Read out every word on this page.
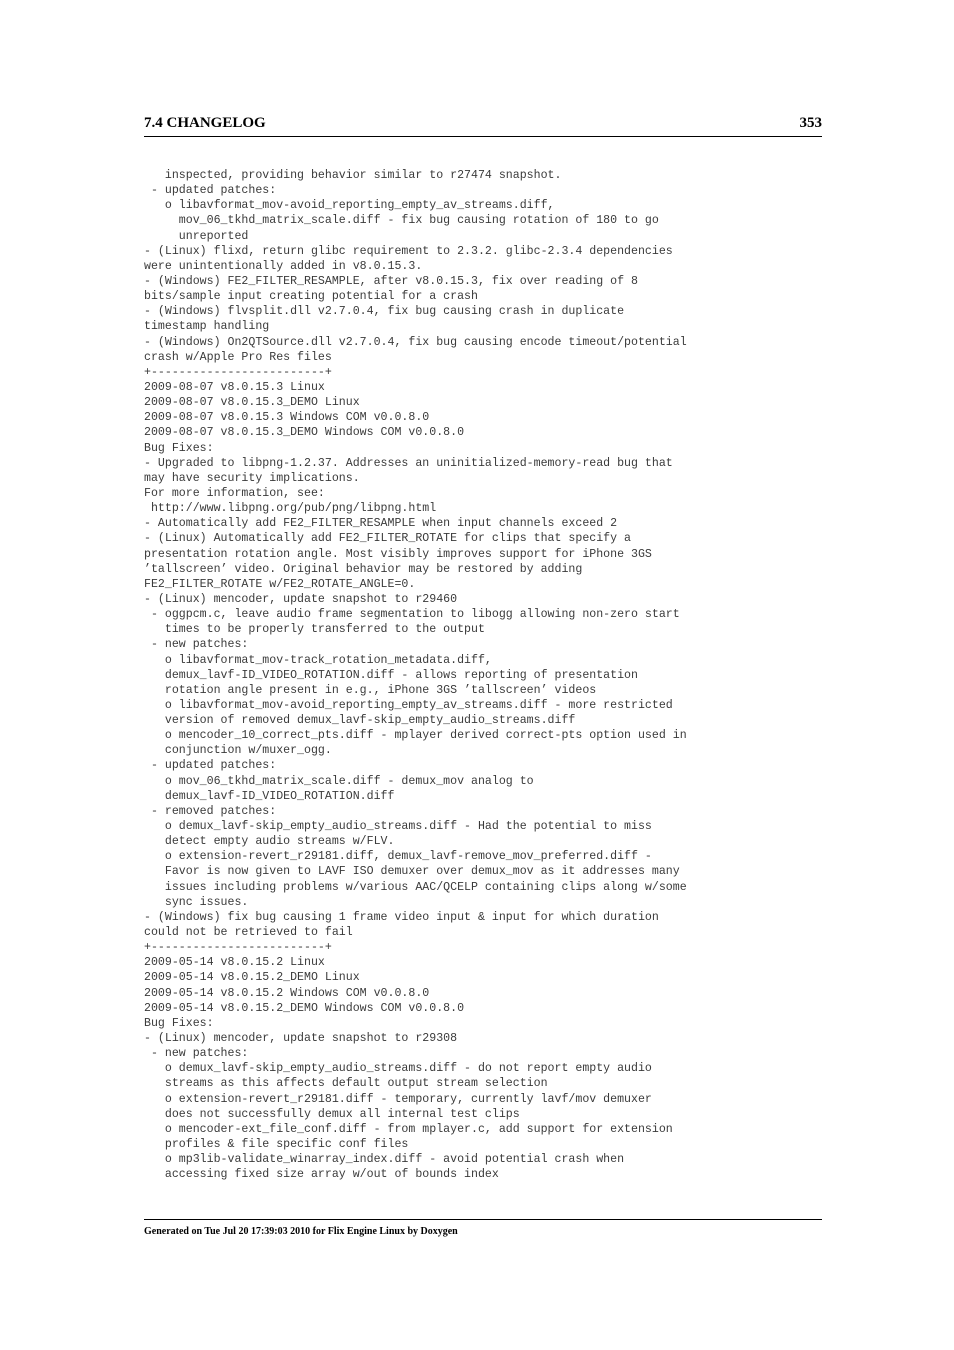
7.4 CHANGELOG	353
inspected, providing behavior similar to r27474 snapshot.
- updated patches:
o libavformat_mov-avoid_reporting_empty_av_streams.diff,
mov_06_tkhd_matrix_scale.diff - fix bug causing rotation of 180 to go
unreported
- (Linux) flixd, return glibc requirement to 2.3.2. glibc-2.3.4 dependencies
were unintentionally added in v8.0.15.3.
- (Windows) FE2_FILTER_RESAMPLE, after v8.0.15.3, fix over reading of 8
bits/sample input creating potential for a crash
- (Windows) flvsplit.dll v2.7.0.4, fix bug causing crash in duplicate
timestamp handling
- (Windows) On2QTSource.dll v2.7.0.4, fix bug causing encode timeout/potential
crash w/Apple Pro Res files
+-------------------------+
2009-08-07 v8.0.15.3 Linux
2009-08-07 v8.0.15.3_DEMO Linux
2009-08-07 v8.0.15.3 Windows COM v0.0.8.0
2009-08-07 v8.0.15.3_DEMO Windows COM v0.0.8.0
Bug Fixes:
- Upgraded to libpng-1.2.37. Addresses an uninitialized-memory-read bug that
may have security implications.
For more information, see:
http://www.libpng.org/pub/png/libpng.html
- Automatically add FE2_FILTER_RESAMPLE when input channels exceed 2
- (Linux) Automatically add FE2_FILTER_ROTATE for clips that specify a
presentation rotation angle. Most visibly improves support for iPhone 3GS
’tallscreen’ video. Original behavior may be restored by adding
FE2_FILTER_ROTATE w/FE2_ROTATE_ANGLE=0.
- (Linux) mencoder, update snapshot to r29460
- oggpcm.c, leave audio frame segmentation to libogg allowing non-zero start
times to be properly transferred to the output
- new patches:
o libavformat_mov-track_rotation_metadata.diff,
demux_lavf-ID_VIDEO_ROTATION.diff - allows reporting of presentation
rotation angle present in e.g., iPhone 3GS ’tallscreen’ videos
o libavformat_mov-avoid_reporting_empty_av_streams.diff - more restricted
version of removed demux_lavf-skip_empty_audio_streams.diff
o mencoder_10_correct_pts.diff - mplayer derived correct-pts option used in
conjunction w/muxer_ogg.
- updated patches:
o mov_06_tkhd_matrix_scale.diff - demux_mov analog to
demux_lavf-ID_VIDEO_ROTATION.diff
- removed patches:
o demux_lavf-skip_empty_audio_streams.diff - Had the potential to miss
detect empty audio streams w/FLV.
o extension-revert_r29181.diff, demux_lavf-remove_mov_preferred.diff -
Favor is now given to LAVF ISO demuxer over demux_mov as it addresses many
issues including problems w/various AAC/QCELP containing clips along w/some
sync issues.
- (Windows) fix bug causing 1 frame video input & input for which duration
could not be retrieved to fail
+-------------------------+
2009-05-14 v8.0.15.2 Linux
2009-05-14 v8.0.15.2_DEMO Linux
2009-05-14 v8.0.15.2 Windows COM v0.0.8.0
2009-05-14 v8.0.15.2_DEMO Windows COM v0.0.8.0
Bug Fixes:
- (Linux) mencoder, update snapshot to r29308
- new patches:
o demux_lavf-skip_empty_audio_streams.diff - do not report empty audio
streams as this affects default output stream selection
o extension-revert_r29181.diff - temporary, currently lavf/mov demuxer
does not successfully demux all internal test clips
o mencoder-ext_file_conf.diff - from mplayer.c, add support for extension
profiles & file specific conf files
o mp3lib-validate_winarray_index.diff - avoid potential crash when
accessing fixed size array w/out of bounds index
Generated on Tue Jul 20 17:39:03 2010 for Flix Engine Linux by Doxygen
